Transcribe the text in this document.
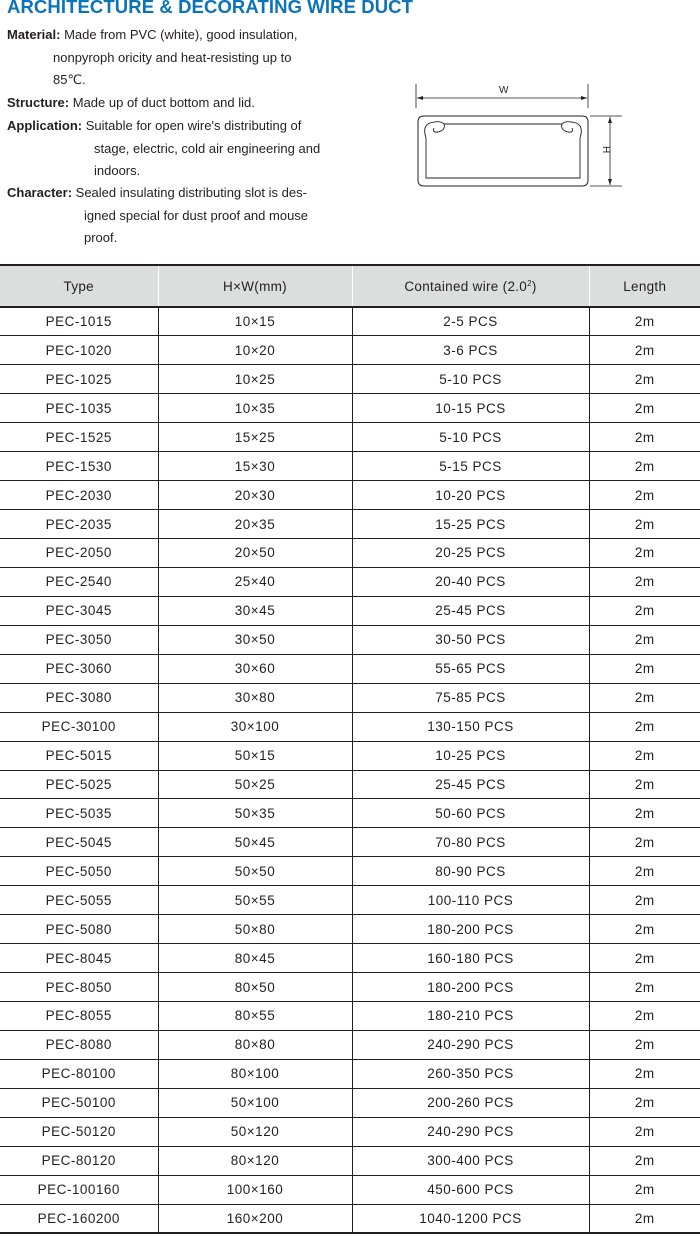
ARCHITECTURE & DECORATING WIRE DUCT
Material: Made from PVC (white), good insulation,
nonpyroph oricity and heat-resisting up to
85℃.
Structure: Made up of duct bottom and lid.
Application: Suitable for open wire's distributing of
stage, electric, cold air engineering and
indoors.
Character: Sealed insulating distributing slot is des-
igned special for dust proof and mouse
proof.
W
H
Type	H×W(mm)	Contained wire $(2.0^2)$	Length
PEC-1015	10×15	2-5 PCS	2m
PEC-1020	10×20	3-6 PCS	2m
PEC-1025	10×25	5-10 PCS	2m
PEC-1035	10×35	10-15 PCS	2m
PEC-1525	15×25	5-10 PCS	2m
PEC-1530	15×30	5-15 PCS	2m
PEC-2030	20×30	10-20 PCS	2m
PEC-2035	20×35	15-25 PCS	2m
PEC-2050	20×50	20-25 PCS	2m
PEC-2540	25×40	20-40 PCS	2m
PEC-3045	30×45	25-45 PCS	2m
PEC-3050	30×50	30-50 PCS	2m
PEC-3060	30×60	55-65 PCS	2m
PEC-3080	30×80	75-85 PCS	2m
PEC-30100	30×100	130-150 PCS	2m
PEC-5015	50×15	10-25 PCS	2m
PEC-5025	50×25	25-45 PCS	2m
PEC-5035	50×35	50-60 PCS	2m
PEC-5045	50×45	70-80 PCS	2m
PEC-5050	50×50	80-90 PCS	2m
PEC-5055	50×55	100-110 PCS	2m
PEC-5080	50×80	180-200 PCS	2m
PEC-8045	80×45	160-180 PCS	2m
PEC-8050	80×50	180-200 PCS	2m
PEC-8055	80×55	180-210 PCS	2m
PEC-8080	80×80	240-290 PCS	2m
PEC-80100	80×100	260-350 PCS	2m
PEC-50100	50×100	200-260 PCS	2m
PEC-50120	50×120	240-290 PCS	2m
PEC-80120	80×120	300-400 PCS	2m
PEC-100160	100×160	450-600 PCS	2m
PEC-160200	160×200	1040-1200 PCS	2m
